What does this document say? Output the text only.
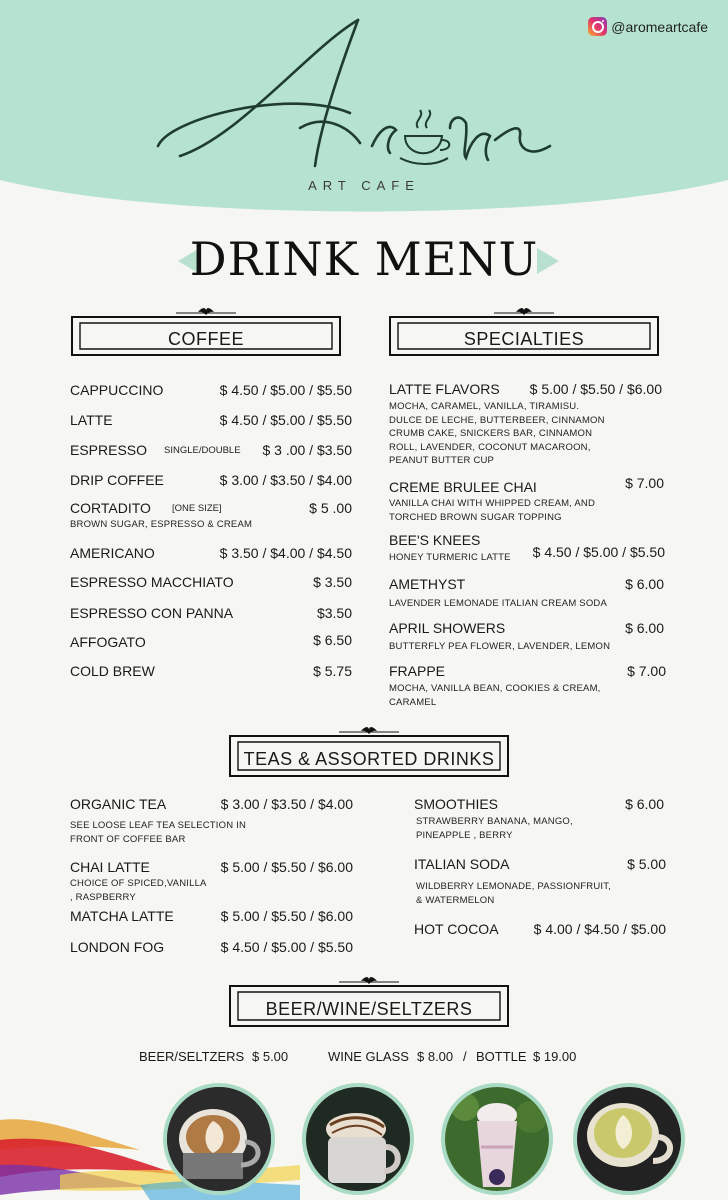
@aromeartcafe
ART CAFE
DRINK MENU
COFFEE	SPECIALTIES
CAPPUCCINO	$ 4.50 / $5.00 / $5.50
LATTE	$ 4.50 / $5.00 / $5.50
ESPRESSO SINGLE/DOUBLE $ 3 .00 / $3.50
DRIP COFFEE	$ 3.00 / $3.50 / $4.00
CORTADITO [ONE SIZE]	$ 5 .00
BROWN SUGAR, ESPRESSO & CREAM
AMERICANO	$ 3.50 / $4.00 / $4.50
ESPRESSO MACCHIATO	$ 3.50
ESPRESSO CON PANNA	$3.50
AFFOGATO	$ 6.50
COLD BREW	$ 5.75
LATTE FLAVORS $ 5.00 / $5.50 / $6.00
MOCHA, CARAMEL, VANILLA, TIRAMISU. DULCE DE LECHE, BUTTERBEER, CINNAMON CRUMB CAKE, SNICKERS BAR, CINNAMON ROLL, LAVENDER, COCONUT MACAROON, PEANUT BUTTER CUP
CREME BRULEE CHAI	$ 7.00
VANILLA CHAI WITH WHIPPED CREAM, AND TORCHED BROWN SUGAR TOPPING
BEE'S KNEES
HONEY TURMERIC LATTE	$ 4.50 / $5.00 / $5.50
AMETHYST	$ 6.00
LAVENDER LEMONADE ITALIAN CREAM SODA
APRIL SHOWERS	$ 6.00
BUTTERFLY PEA FLOWER, LAVENDER, LEMON
FRAPPE	$ 7.00
MOCHA, VANILLA BEAN, COOKIES & CREAM, CARAMEL
TEAS & ASSORTED DRINKS
ORGANIC TEA	$ 3.00 / $3.50 / $4.00
SEE LOOSE LEAF TEA SELECTION IN FRONT OF COFFEE BAR
CHAI LATTE	$ 5.00 / $5.50 / $6.00
CHOICE OF SPICED,VANILLA , RASPBERRY
MATCHA LATTE	$ 5.00 / $5.50 / $6.00
LONDON FOG	$ 4.50 / $5.00 / $5.50
SMOOTHIES	$ 6.00
STRAWBERRY BANANA, MANGO, PINEAPPLE , BERRY
ITALIAN SODA	$ 5.00
WILDBERRY LEMONADE, PASSIONFRUIT, & WATERMELON
HOT COCOA	$ 4.00 / $4.50 / $5.00
BEER/WINE/SELTZERS
BEER/SELTZERS $ 5.00	WINE GLASS $ 8.00 / BOTTLE $ 19.00
